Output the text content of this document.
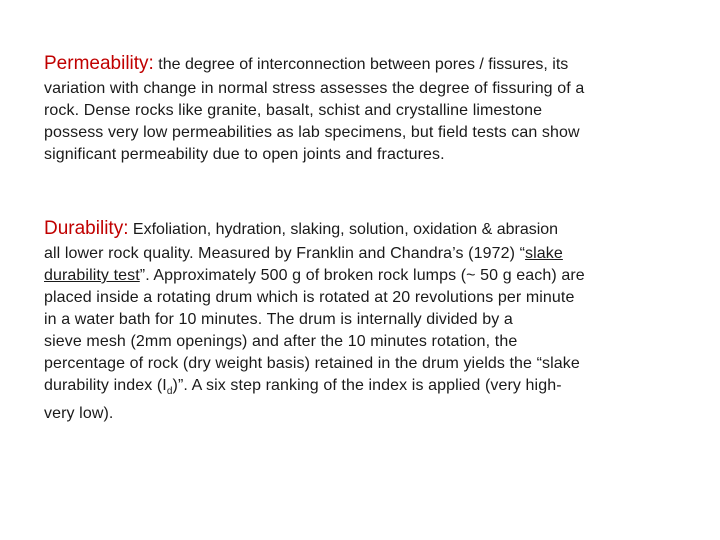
Permeability: the degree of interconnection between pores / fissures, its
variation with change in normal stress assesses the degree of fissuring of a
rock. Dense rocks like granite, basalt, schist and crystalline limestone
possess very low permeabilities as lab specimens, but field tests can show
significant permeability due to open joints and fractures.
Durability: Exfoliation, hydration, slaking, solution, oxidation & abrasion
all lower rock quality. Measured by Franklin and Chandra’s (1972) “slake
durability test”. Approximately 500 g of broken rock lumps (~ 50 g each) are
placed inside a rotating drum which is rotated at 20 revolutions per minute
in a water bath for 10 minutes. The drum is internally divided by a
sieve mesh (2mm openings) and after the 10 minutes rotation, the
percentage of rock (dry weight basis) retained in the drum yields the “slake
durability index $(I_d)$”. A six step ranking of the index is applied (very high-
very low).
